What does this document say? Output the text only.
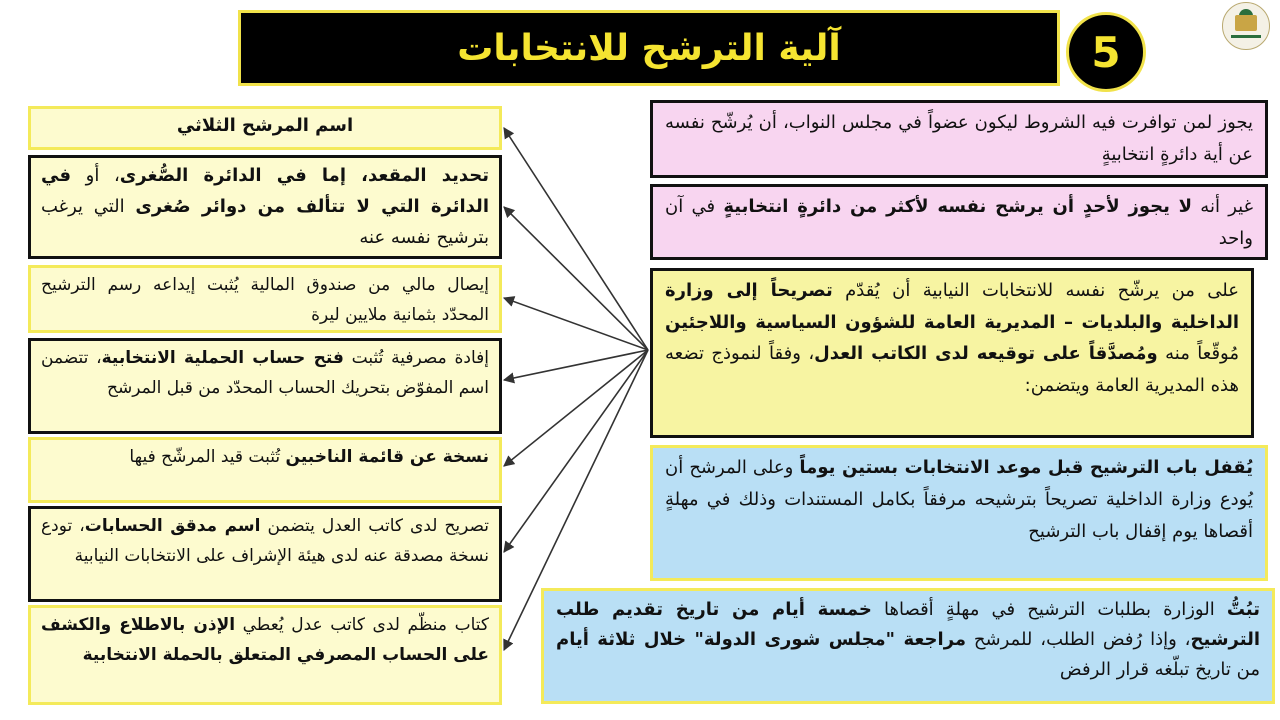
آلية الترشح للانتخابات	5
اسم المرشح الثلاثي
تحديد المقعد، إما في الدائرة الصُّغرى، أو في الدائرة التي لا تتألف من دوائر صُغرى التي يرغب بترشيح نفسه عنه
إيصال مالي من صندوق المالية يُثبت إيداعه رسم الترشيح المحدّد بثمانية ملايين ليرة
إفادة مصرفية تُثبت فتح حساب الحملية الانتخابية، تتضمن اسم المفوّض بتحريك الحساب المحدّد من قبل المرشح
نسخة عن قائمة الناخبين تُثبت قيد المرشّح فيها
تصريح لدى كاتب العدل يتضمن اسم مدقق الحسابات، تودع نسخة مصدقة عنه لدى هيئة الإشراف على الانتخابات النيابية
كتاب منظّم لدى كاتب عدل يُعطي الإذن بالاطلاع والكشف على الحساب المصرفي المتعلق بالحملة الانتخابية
يجوز لمن توافرت فيه الشروط ليكون عضواً في مجلس النواب، أن يُرشّح نفسه عن أية دائرةٍ انتخابيةٍ
غير أنه لا يجوز لأحدٍ أن يرشح نفسه لأكثر من دائرةٍ انتخابيةٍ في آن واحد
على من يرشّح نفسه للانتخابات النيابية أن يُقدّم تصريحاً إلى وزارة الداخلية والبلديات – المديرية العامة للشؤون السياسية واللاجئين مُوقّعاً منه ومُصدَّقاً على توقيعه لدى الكاتب العدل، وفقاً لنموذج تضعه هذه المديرية العامة ويتضمن:
يُقفل باب الترشيح قبل موعد الانتخابات بستين يوماً وعلى المرشح أن يُودع وزارة الداخلية تصريحاً بترشيحه مرفقاً بكامل المستندات وذلك في مهلةٍ أقصاها يوم إقفال باب الترشيح
تبُتُّ الوزارة بطلبات الترشيح في مهلةٍ أقصاها خمسة أيام من تاريخ تقديم طلب الترشيح، وإذا رُفض الطلب، للمرشح مراجعة "مجلس شورى الدولة" خلال ثلاثة أيام من تاريخ تبلّغه قرار الرفض
